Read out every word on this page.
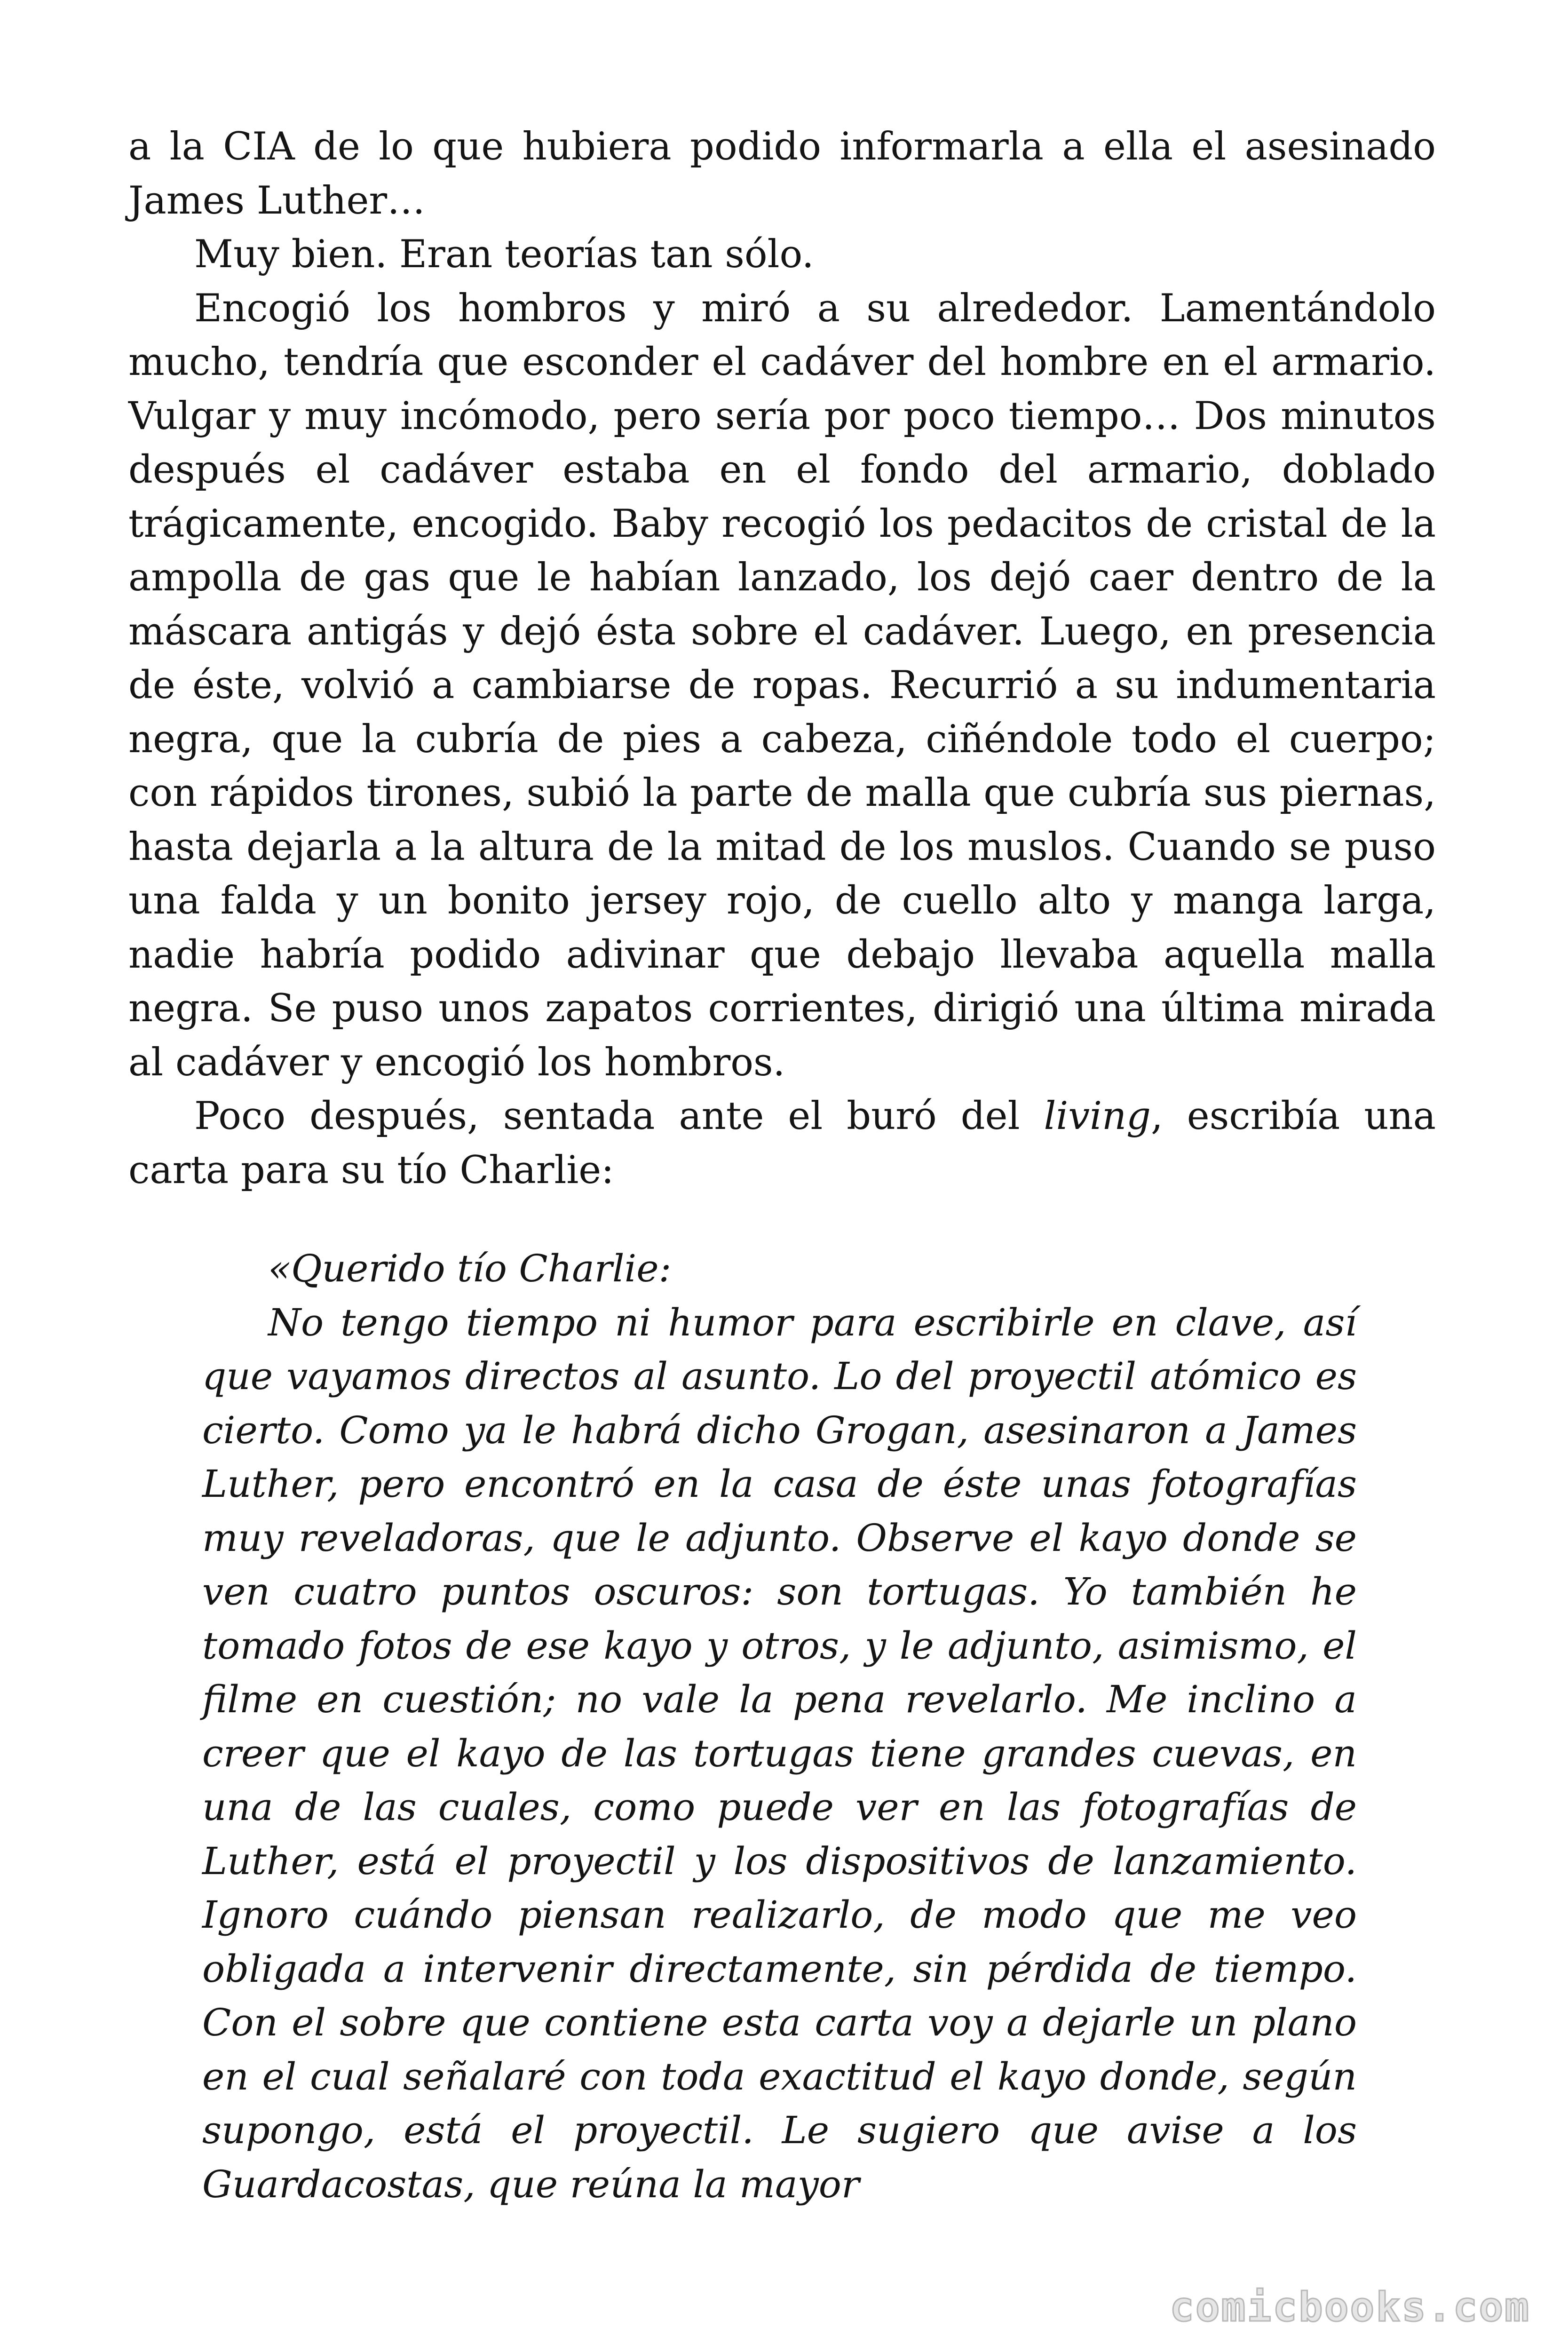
a la CIA de lo que hubiera podido informarla a ella el asesinado James Luther…

Muy bien. Eran teorías tan sólo.

Encogió los hombros y miró a su alrededor. Lamentándolo mucho, tendría que esconder el cadáver del hombre en el armario. Vulgar y muy incómodo, pero sería por poco tiempo… Dos minutos después el cadáver estaba en el fondo del armario, doblado trágicamente, encogido. Baby recogió los pedacitos de cristal de la ampolla de gas que le habían lanzado, los dejó caer dentro de la máscara antigás y dejó ésta sobre el cadáver. Luego, en presencia de éste, volvió a cambiarse de ropas. Recurrió a su indumentaria negra, que la cubría de pies a cabeza, ciñéndole todo el cuerpo; con rápidos tirones, subió la parte de malla que cubría sus piernas, hasta dejarla a la altura de la mitad de los muslos. Cuando se puso una falda y un bonito jersey rojo, de cuello alto y manga larga, nadie habría podido adivinar que debajo llevaba aquella malla negra. Se puso unos zapatos corrientes, dirigió una última mirada al cadáver y encogió los hombros.

Poco después, sentada ante el buró del living, escribía una carta para su tío Charlie:

«Querido tío Charlie:

No tengo tiempo ni humor para escribirle en clave, así que vayamos directos al asunto. Lo del proyectil atómico es cierto. Como ya le habrá dicho Grogan, asesinaron a James Luther, pero encontró en la casa de éste unas fotografías muy reveladoras, que le adjunto. Observe el kayo donde se ven cuatro puntos oscuros: son tortugas. Yo también he tomado fotos de ese kayo y otros, y le adjunto, asimismo, el filme en cuestión; no vale la pena revelarlo. Me inclino a creer que el kayo de las tortugas tiene grandes cuevas, en una de las cuales, como puede ver en las fotografías de Luther, está el proyectil y los dispositivos de lanzamiento. Ignoro cuándo piensan realizarlo, de modo que me veo obligada a intervenir directamente, sin pérdida de tiempo. Con el sobre que contiene esta carta voy a dejarle un plano en el cual señalaré con toda exactitud el kayo donde, según supongo, está el proyectil. Le sugiero que avise a los Guardacostas, que reúna la mayor

comicbooks.com
